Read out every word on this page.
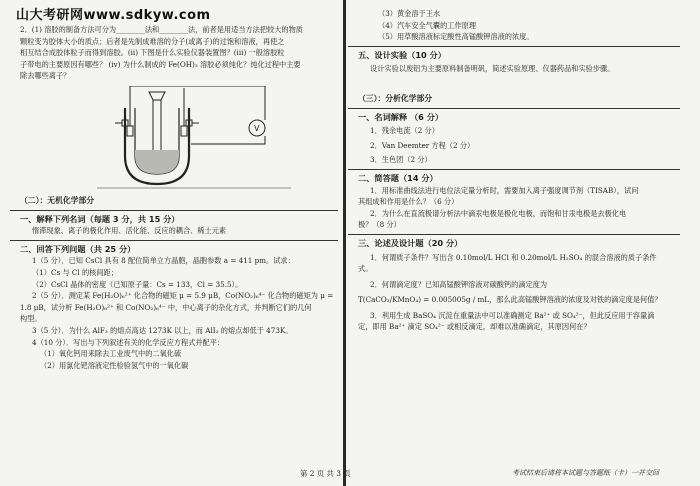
山大考研网www.sdkyw.com

2．(1) 溶胶的制备方法可分为________法和________法，前者是用适当方法把较大的物质

颗粒变为胶体大小的质点；后者是先制成难溶的分子(或离子)的过饱和溶液，再使之

相互结合成胶体粒子而得到溶胶。(ii) 下图是什么实验仪器装置图？(iii) 一般溶胶粒

子带电的主要原因有哪些？ (iv) 为什么制成的 Fe(OH)₃ 溶胶必须纯化？纯化过程中主要

除去哪些离子？

V

（二）：无机化学部分

一、解释下列名词（每题 3 分，共 15 分）

惰滞现象、离子的极化作用、活化能、反应的耦合、稀土元素

二、回答下列问题（共 25 分）

1（5 分）．已知 CsCl 具有 8 配位简单立方晶胞，晶胞参数 a = 411 pm。试求：

（1）Cs 与 Cl 的核间距；

（2）CsCl 晶体的密度（已知原子量：Cs = 133，Cl = 35.5）。

2（5 分）．测定某 Fe(H₂O)₆²⁺ 化合物的磁矩 μ = 5.9 μB，Co(NO₂)₆⁴⁻ 化合物的磁矩为 μ =

1.8 μB，试分析 Fe(H₂O)₆²⁺ 和 Co(NO₂)₆⁴⁻ 中，中心离子的杂化方式，并判断它们的几何

构型。

3（5 分）．为什么 AlF₃ 的熔点高达 1273K 以上，而 AlI₃ 的熔点却低于 473K。

4（10 分）．写出与下列叙述有关的化学反应方程式并配平：

（1）氧化钙用来除去工业废气中的二氧化硫

（2）用氯化钯溶液定性检验氢气中的一氧化碳

（3）黄金溶于王水

（4）汽车安全气囊的工作原理

（5）用草酸溶液标定酸性高锰酸钾溶液的浓度。

五、设计实验（10 分）

设计实验以废铝为主要原料制备明矾，简述实验原理、仪器药品和实验步骤。

（三）：分析化学部分

一、名词解释 （6 分）

1．残余电流（2 分）

2．Van Deemter 方程（2 分）

3．生色团（2 分）

二、简答题（14 分）

1．用标准曲线法进行电位法定量分析时，需要加入离子强度调节剂（TISAB），试问

其组成和作用是什么？（6 分）

2．为什么在直流极谱分析法中滴汞电极是极化电极，而饱和甘汞电极是去极化电

极？（8 分）

三、论述及设计题（20 分）

1．何谓质子条件？写出含 0.10mol/L HCl 和 0.20mol/L H₂SO₄ 的混合溶液的质子条件

式。

2．何谓滴定度？已知高锰酸钾溶液对碳酸钙的滴定度为

T(CaCO₃/KMnO₄) = 0.005005g / mL，那么此高锰酸钾溶液的浓度及对铁的滴定度是何值？

3．利用生成 BaSO₄ 沉淀在重量法中可以准确测定 Ba²⁺ 或 SO₄²⁻，但此反应用于容量滴

定，即用 Ba²⁺ 滴定 SO₄²⁻ 或相反滴定，却难以准确滴定，其原因何在？

第 2 页 共 3 页	考试结束后请将本试题与答题纸（卡）一并交回
